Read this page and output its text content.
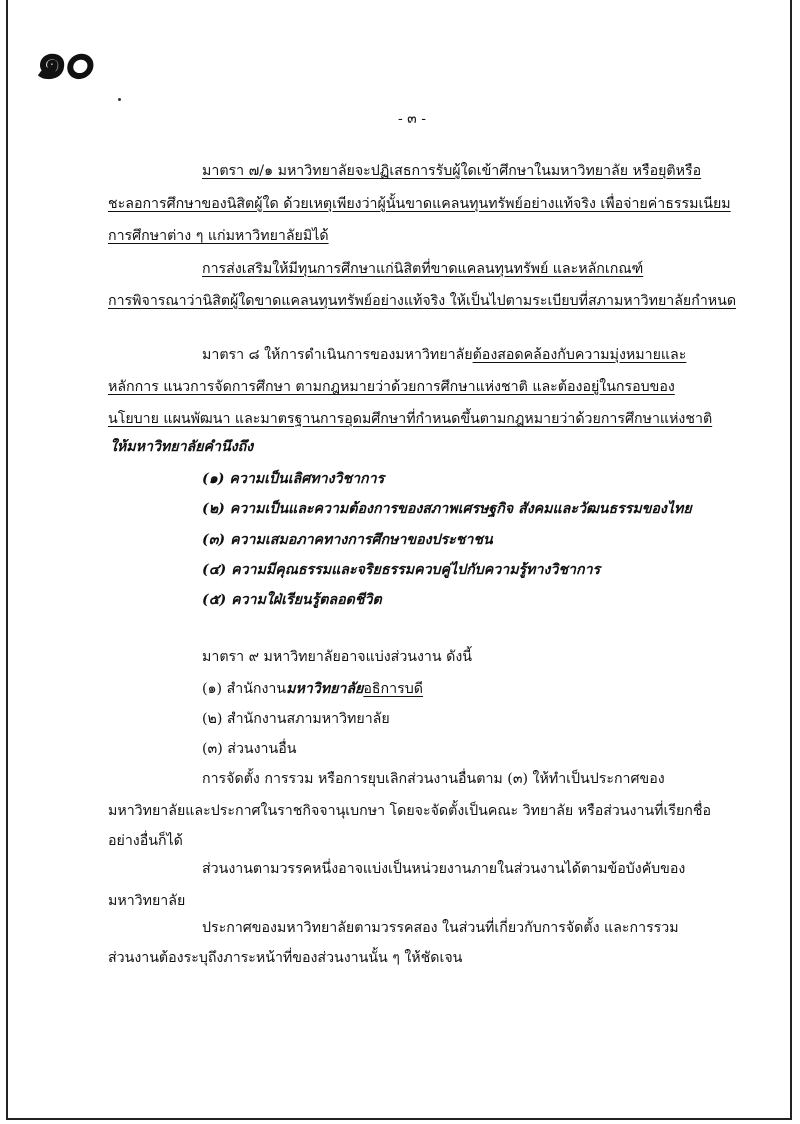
๑๐
- ๓ -
มาตรา ๗/๑ มหาวิทยาลัยจะปฏิเสธการรับผู้ใดเข้าศึกษาในมหาวิทยาลัย หรือยุติหรือ
ชะลอการศึกษาของนิสิตผู้ใด ด้วยเหตุเพียงว่าผู้นั้นขาดแคลนทุนทรัพย์อย่างแท้จริง เพื่อจ่ายค่าธรรมเนียม
การศึกษาต่าง ๆ แก่มหาวิทยาลัยมิได้
การส่งเสริมให้มีทุนการศึกษาแก่นิสิตที่ขาดแคลนทุนทรัพย์ และหลักเกณฑ์
การพิจารณาว่านิสิตผู้ใดขาดแคลนทุนทรัพย์อย่างแท้จริง ให้เป็นไปตามระเบียบที่สภามหาวิทยาลัยกำหนด
มาตรา ๘ ให้การดำเนินการของมหาวิทยาลัยต้องสอดคล้องกับความมุ่งหมายและ
หลักการ แนวการจัดการศึกษา ตามกฎหมายว่าด้วยการศึกษาแห่งชาติ และต้องอยู่ในกรอบของ
นโยบาย แผนพัฒนา และมาตรฐานการอุดมศึกษาที่กำหนดขึ้นตามกฎหมายว่าด้วยการศึกษาแห่งชาติ
ให้มหาวิทยาลัยคำนึงถึง
(๑) ความเป็นเลิศทางวิชาการ
(๒) ความเป็นและความต้องการของสภาพเศรษฐกิจ สังคมและวัฒนธรรมของไทย
(๓) ความเสมอภาคทางการศึกษาของประชาชน
(๔) ความมีคุณธรรมและจริยธรรมควบคู่ไปกับความรู้ทางวิชาการ
(๕) ความใฝ่เรียนรู้ตลอดชีวิต
มาตรา ๙ มหาวิทยาลัยอาจแบ่งส่วนงาน ดังนี้
(๑) สำนักงานมหาวิทยาลัยอธิการบดี
(๒) สำนักงานสภามหาวิทยาลัย
(๓) ส่วนงานอื่น
การจัดตั้ง การรวม หรือการยุบเลิกส่วนงานอื่นตาม (๓) ให้ทำเป็นประกาศของ
มหาวิทยาลัยและประกาศในราชกิจจานุเบกษา โดยจะจัดตั้งเป็นคณะ วิทยาลัย หรือส่วนงานที่เรียกชื่อ
อย่างอื่นก็ได้
ส่วนงานตามวรรคหนึ่งอาจแบ่งเป็นหน่วยงานภายในส่วนงานได้ตามข้อบังคับของ
มหาวิทยาลัย
ประกาศของมหาวิทยาลัยตามวรรคสอง ในส่วนที่เกี่ยวกับการจัดตั้ง และการรวม
ส่วนงานต้องระบุถึงภาระหน้าที่ของส่วนงานนั้น ๆ ให้ชัดเจน
